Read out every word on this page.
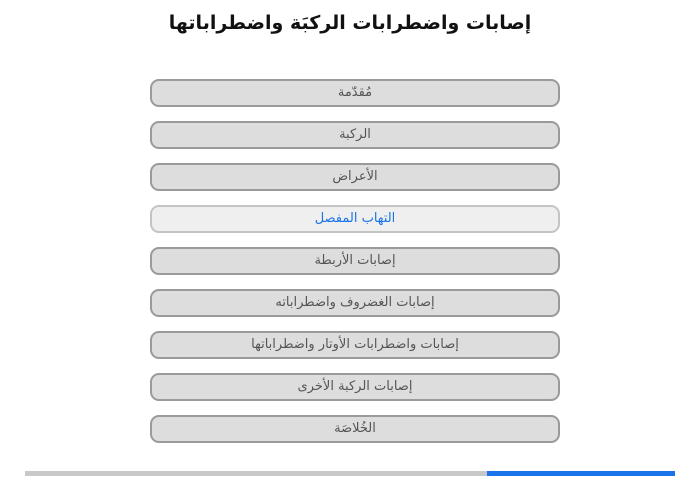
إصابات واضطرابات الركبَة واضطراباتها
مُقدّمة
الركبة
الأعراض
التهاب المفصل
إصابات الأربطة
إصابات الغضروف واضطراباته
إصابات واضطرابات الأوتار واضطراباتها
إصابات الركبة الأخرى
الخُلاصَة
